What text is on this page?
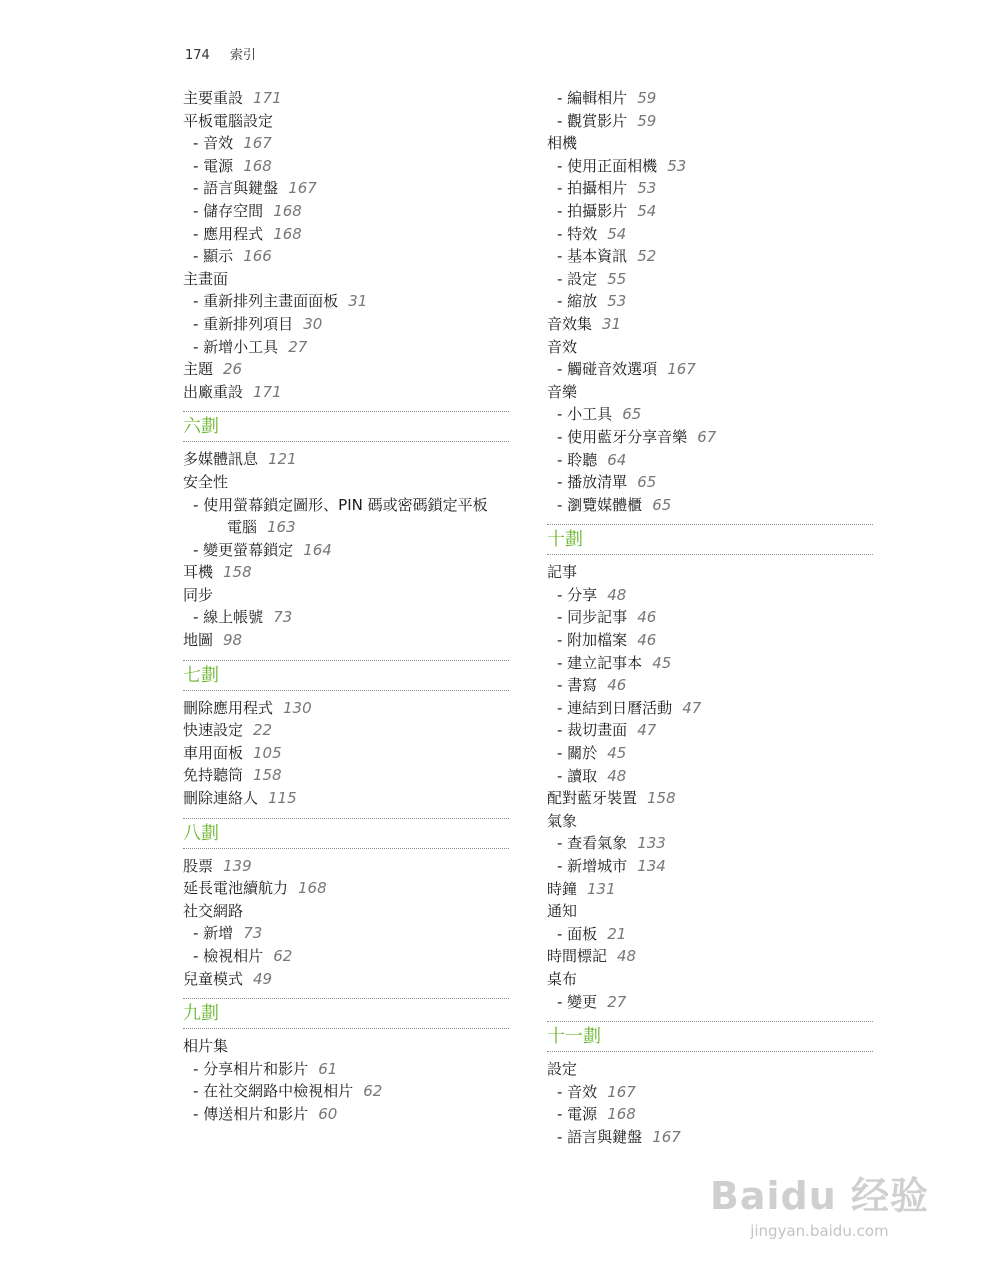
174 索引
主要重設 171
平板電腦設定
- 音效 167
- 電源 168
- 語言與鍵盤 167
- 儲存空間 168
- 應用程式 168
- 顯示 166
主畫面
- 重新排列主畫面面板 31
- 重新排列項目 30
- 新增小工具 27
主題 26
出廠重設 171
六劃
多媒體訊息 121
安全性
- 使用螢幕鎖定圖形、PIN 碼或密碼鎖定平板
電腦 163
- 變更螢幕鎖定 164
耳機 158
同步
- 線上帳號 73
地圖 98
七劃
刪除應用程式 130
快速設定 22
車用面板 105
免持聽筒 158
刪除連絡人 115
八劃
股票 139
延長電池續航力 168
社交網路
- 新增 73
- 檢視相片 62
兒童模式 49
九劃
相片集
- 分享相片和影片 61
- 在社交網路中檢視相片 62
- 傳送相片和影片 60
- 編輯相片 59
- 觀賞影片 59
相機
- 使用正面相機 53
- 拍攝相片 53
- 拍攝影片 54
- 特效 54
- 基本資訊 52
- 設定 55
- 縮放 53
音效集 31
音效
- 觸碰音效選項 167
音樂
- 小工具 65
- 使用藍牙分享音樂 67
- 聆聽 64
- 播放清單 65
- 瀏覽媒體櫃 65
十劃
記事
- 分享 48
- 同步記事 46
- 附加檔案 46
- 建立記事本 45
- 書寫 46
- 連結到日曆活動 47
- 裁切畫面 47
- 關於 45
- 讀取 48
配對藍牙裝置 158
氣象
- 查看氣象 133
- 新增城市 134
時鐘 131
通知
- 面板 21
時間標記 48
桌布
- 變更 27
十一劃
設定
- 音效 167
- 電源 168
- 語言與鍵盤 167
Baidu 经验
jingyan.baidu.com
